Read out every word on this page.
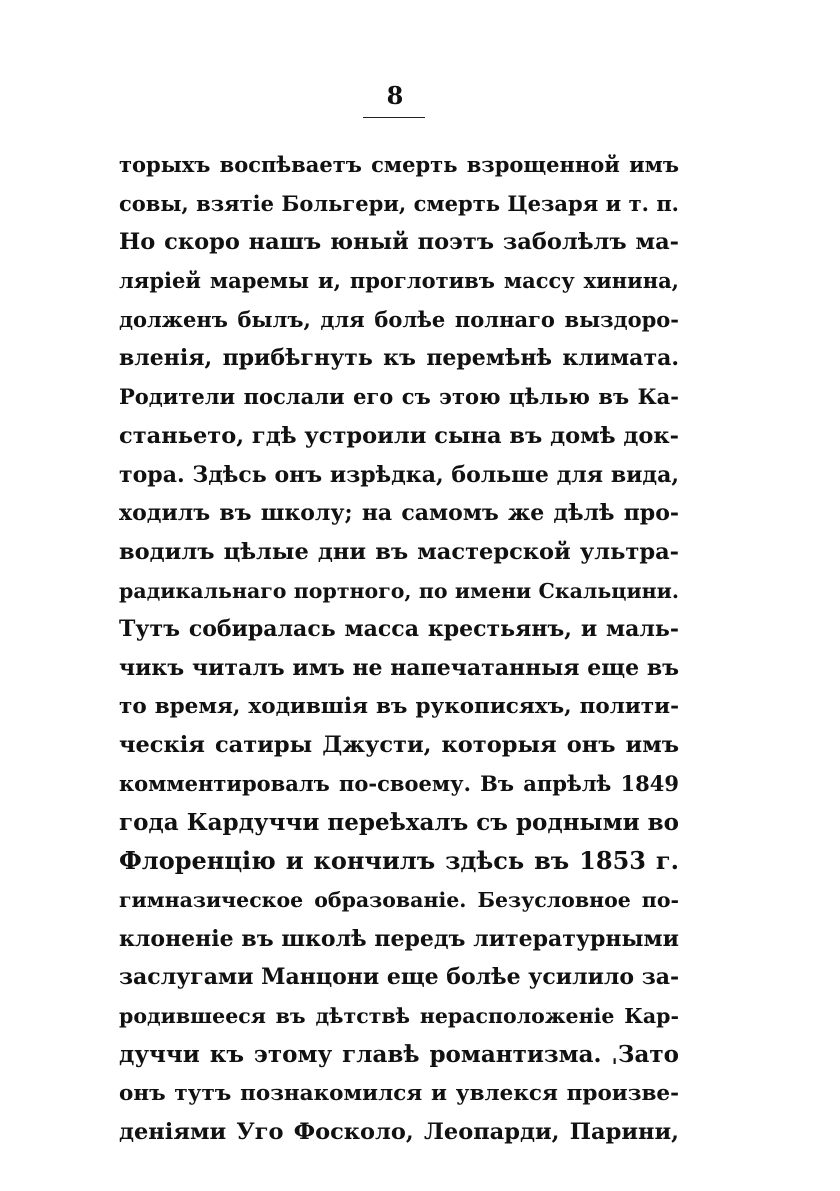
8
торыхъ воспѣваетъ смерть взрощенной имъ
совы, взятіе Больгери, смерть Цезаря и т. п.
Но скоро нашъ юный поэтъ заболѣлъ ма-
ляріей маремы и, проглотивъ массу хинина,
долженъ былъ, для болѣе полнаго выздоро-
вленія, прибѣгнуть къ перемѣнѣ климата.
Родители послали его съ этою цѣлью въ Ка-
станьето, гдѣ устроили сына въ домѣ док-
тора. Здѣсь онъ изрѣдка, больше для вида,
ходилъ въ школу; на самомъ же дѣлѣ про-
водилъ цѣлые дни въ мастерской ультра-
радикальнаго портного, по имени Скальцини.
Тутъ собиралась масса крестьянъ, и маль-
чикъ читалъ имъ не напечатанныя еще въ
то время, ходившія въ рукописяхъ, полити-
ческія сатиры Джусти, которыя онъ имъ
комментировалъ по-своему. Въ апрѣлѣ 1849
года Кардуччи переѣхалъ съ родными во
Флоренцію и кончилъ здѣсь въ 1853 г.
гимназическое образованіе. Безусловное по-
клоненіе въ школѣ передъ литературными
заслугами Манцони еще болѣе усилило за-
родившееся въ дѣтствѣ нерасположеніе Кар-
дуччи къ этому главѣ романтизма. ˌЗато
онъ тутъ познакомился и увлекся произве-
деніями Уго Фосколо, Леопарди, Парини,
